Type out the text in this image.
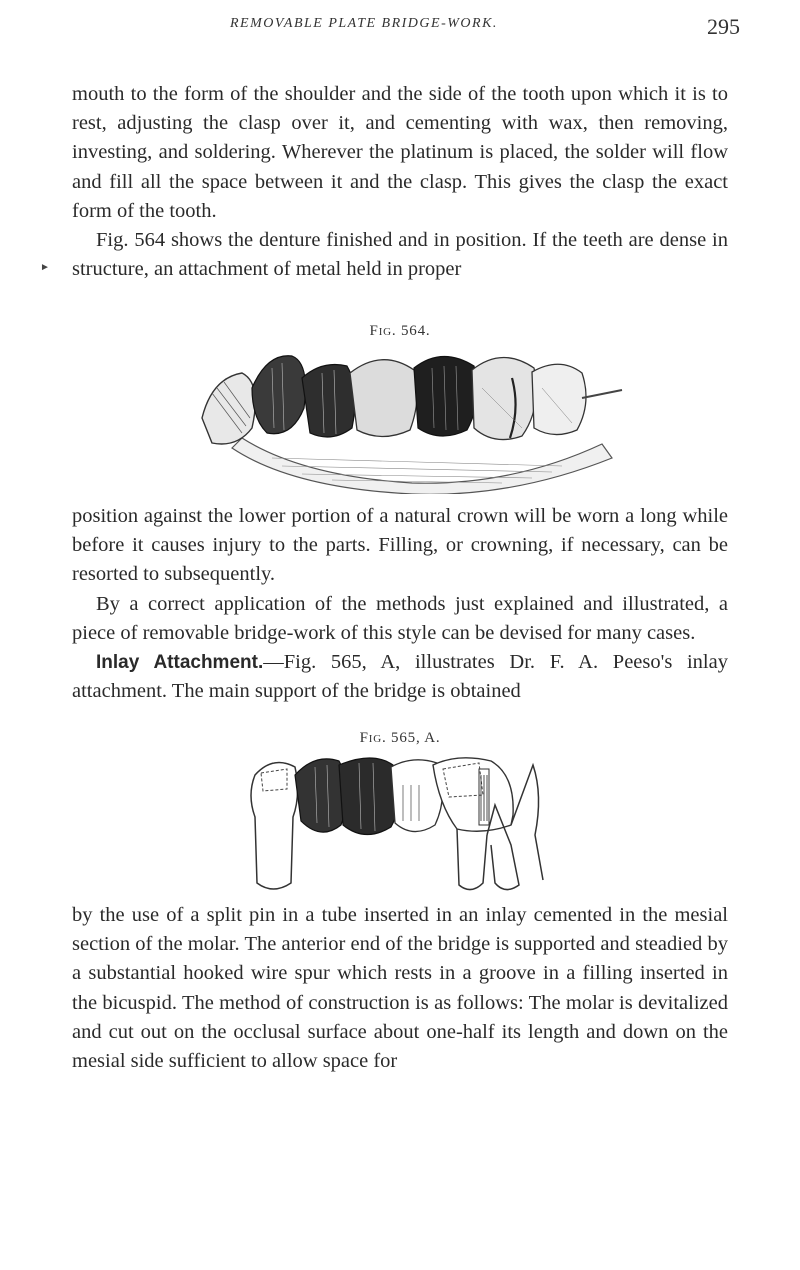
REMOVABLE PLATE BRIDGE-WORK.	295
►

mouth to the form of the shoulder and the side of the tooth upon which it is to rest, adjusting the clasp over it, and cementing with wax, then removing, investing, and soldering. Wherever the platinum is placed, the solder will flow and fill all the space between it and the clasp. This gives the clasp the exact form of the tooth.

Fig. 564 shows the denture finished and in position. If the teeth are dense in structure, an attachment of metal held in proper

Fig. 564.

position against the lower portion of a natural crown will be worn a long while before it causes injury to the parts. Filling, or crowning, if necessary, can be resorted to subsequently.

By a correct application of the methods just explained and illustrated, a piece of removable bridge-work of this style can be devised for many cases.

Inlay Attachment.—Fig. 565, A, illustrates Dr. F. A. Peeso's inlay attachment. The main support of the bridge is obtained

Fig. 565, A.

by the use of a split pin in a tube inserted in an inlay cemented in the mesial section of the molar. The anterior end of the bridge is supported and steadied by a substantial hooked wire spur which rests in a groove in a filling inserted in the bicuspid. The method of construction is as follows: The molar is devitalized and cut out on the occlusal surface about one-half its length and down on the mesial side sufficient to allow space for
